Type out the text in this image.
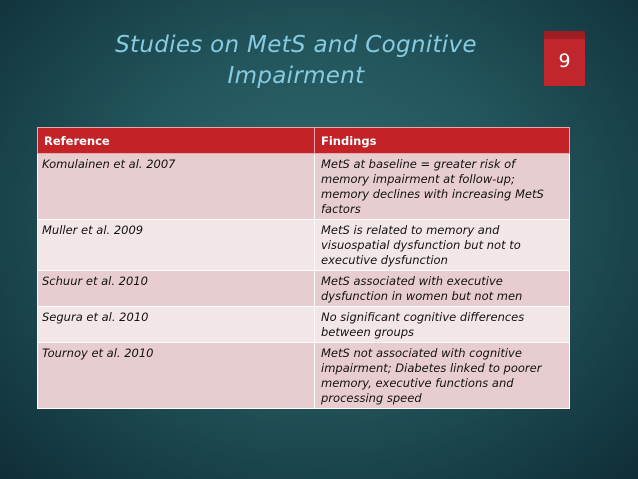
Studies on MetS and Cognitive Impairment
9
Reference	Findings
Komulainen et al. 2007	MetS at baseline = greater risk of memory impairment at follow-up; memory declines with increasing MetS factors
Muller et al. 2009	MetS is related to memory and visuospatial dysfunction but not to executive dysfunction
Schuur et al. 2010	MetS associated with executive dysfunction in women but not men
Segura et al. 2010	No significant cognitive differences between groups
Tournoy et al. 2010	MetS not associated with cognitive impairment; Diabetes linked to poorer memory, executive functions and processing speed
